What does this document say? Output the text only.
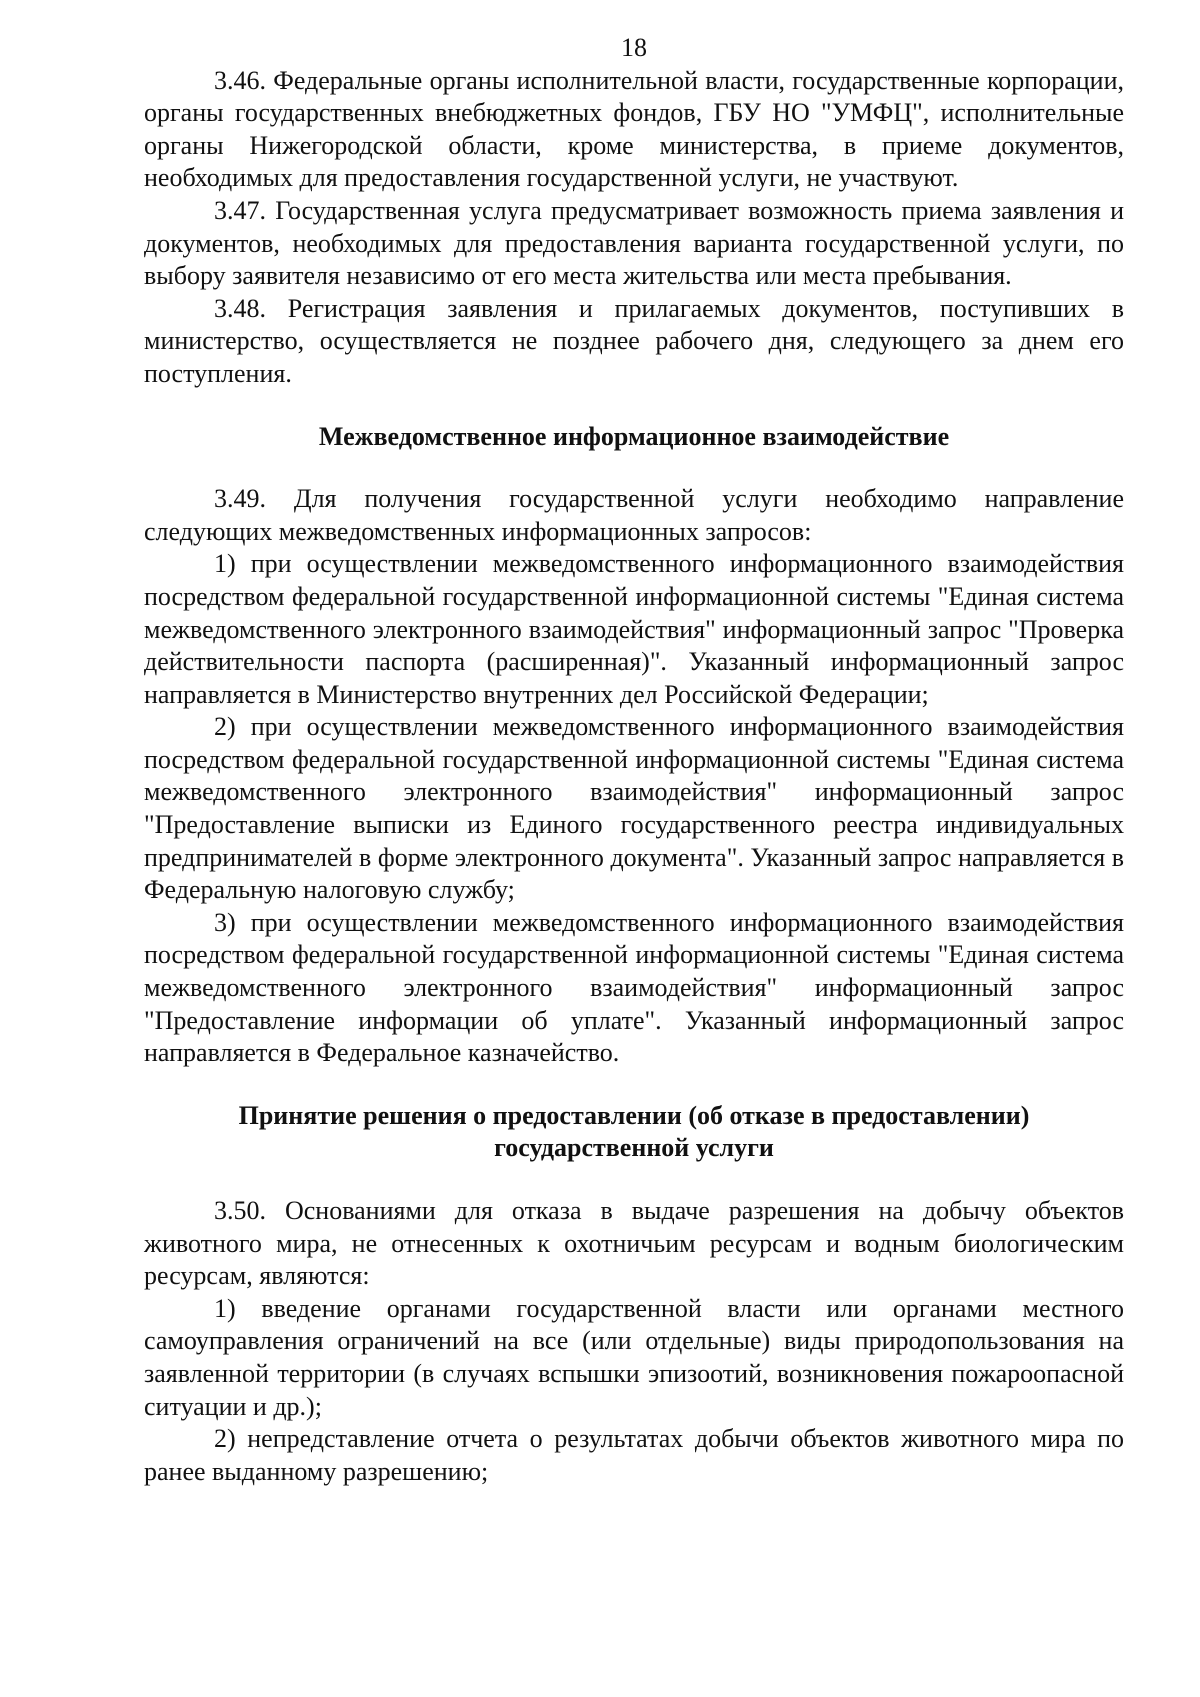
18

3.46. Федеральные органы исполнительной власти, государственные корпорации, органы государственных внебюджетных фондов, ГБУ НО "УМФЦ", исполнительные органы Нижегородской области, кроме министерства, в приеме документов, необходимых для предоставления государственной услуги, не участвуют.

3.47. Государственная услуга предусматривает возможность приема заявления и документов, необходимых для предоставления варианта государственной услуги, по выбору заявителя независимо от его места жительства или места пребывания.

3.48. Регистрация заявления и прилагаемых документов, поступивших в министерство, осуществляется не позднее рабочего дня, следующего за днем его поступления.

Межведомственное информационное взаимодействие

3.49. Для получения государственной услуги необходимо направление следующих межведомственных информационных запросов:

1) при осуществлении межведомственного информационного взаимодействия посредством федеральной государственной информационной системы "Единая система межведомственного электронного взаимодействия" информационный запрос "Проверка действительности паспорта (расширенная)". Указанный информационный запрос направляется в Министерство внутренних дел Российской Федерации;

2) при осуществлении межведомственного информационного взаимодействия посредством федеральной государственной информационной системы "Единая система межведомственного электронного взаимодействия" информационный запрос "Предоставление выписки из Единого государственного реестра индивидуальных предпринимателей в форме электронного документа". Указанный запрос направляется в Федеральную налоговую службу;

3) при осуществлении межведомственного информационного взаимодействия посредством федеральной государственной информационной системы "Единая система межведомственного электронного взаимодействия" информационный запрос "Предоставление информации об уплате". Указанный информационный запрос направляется в Федеральное казначейство.

Принятие решения о предоставлении (об отказе в предоставлении)
государственной услуги

3.50. Основаниями для отказа в выдаче разрешения на добычу объектов животного мира, не отнесенных к охотничьим ресурсам и водным биологическим ресурсам, являются:

1) введение органами государственной власти или органами местного самоуправления ограничений на все (или отдельные) виды природопользования на заявленной территории (в случаях вспышки эпизоотий, возникновения пожароопасной ситуации и др.);

2) непредставление отчета о результатах добычи объектов животного мира по ранее выданному разрешению;
